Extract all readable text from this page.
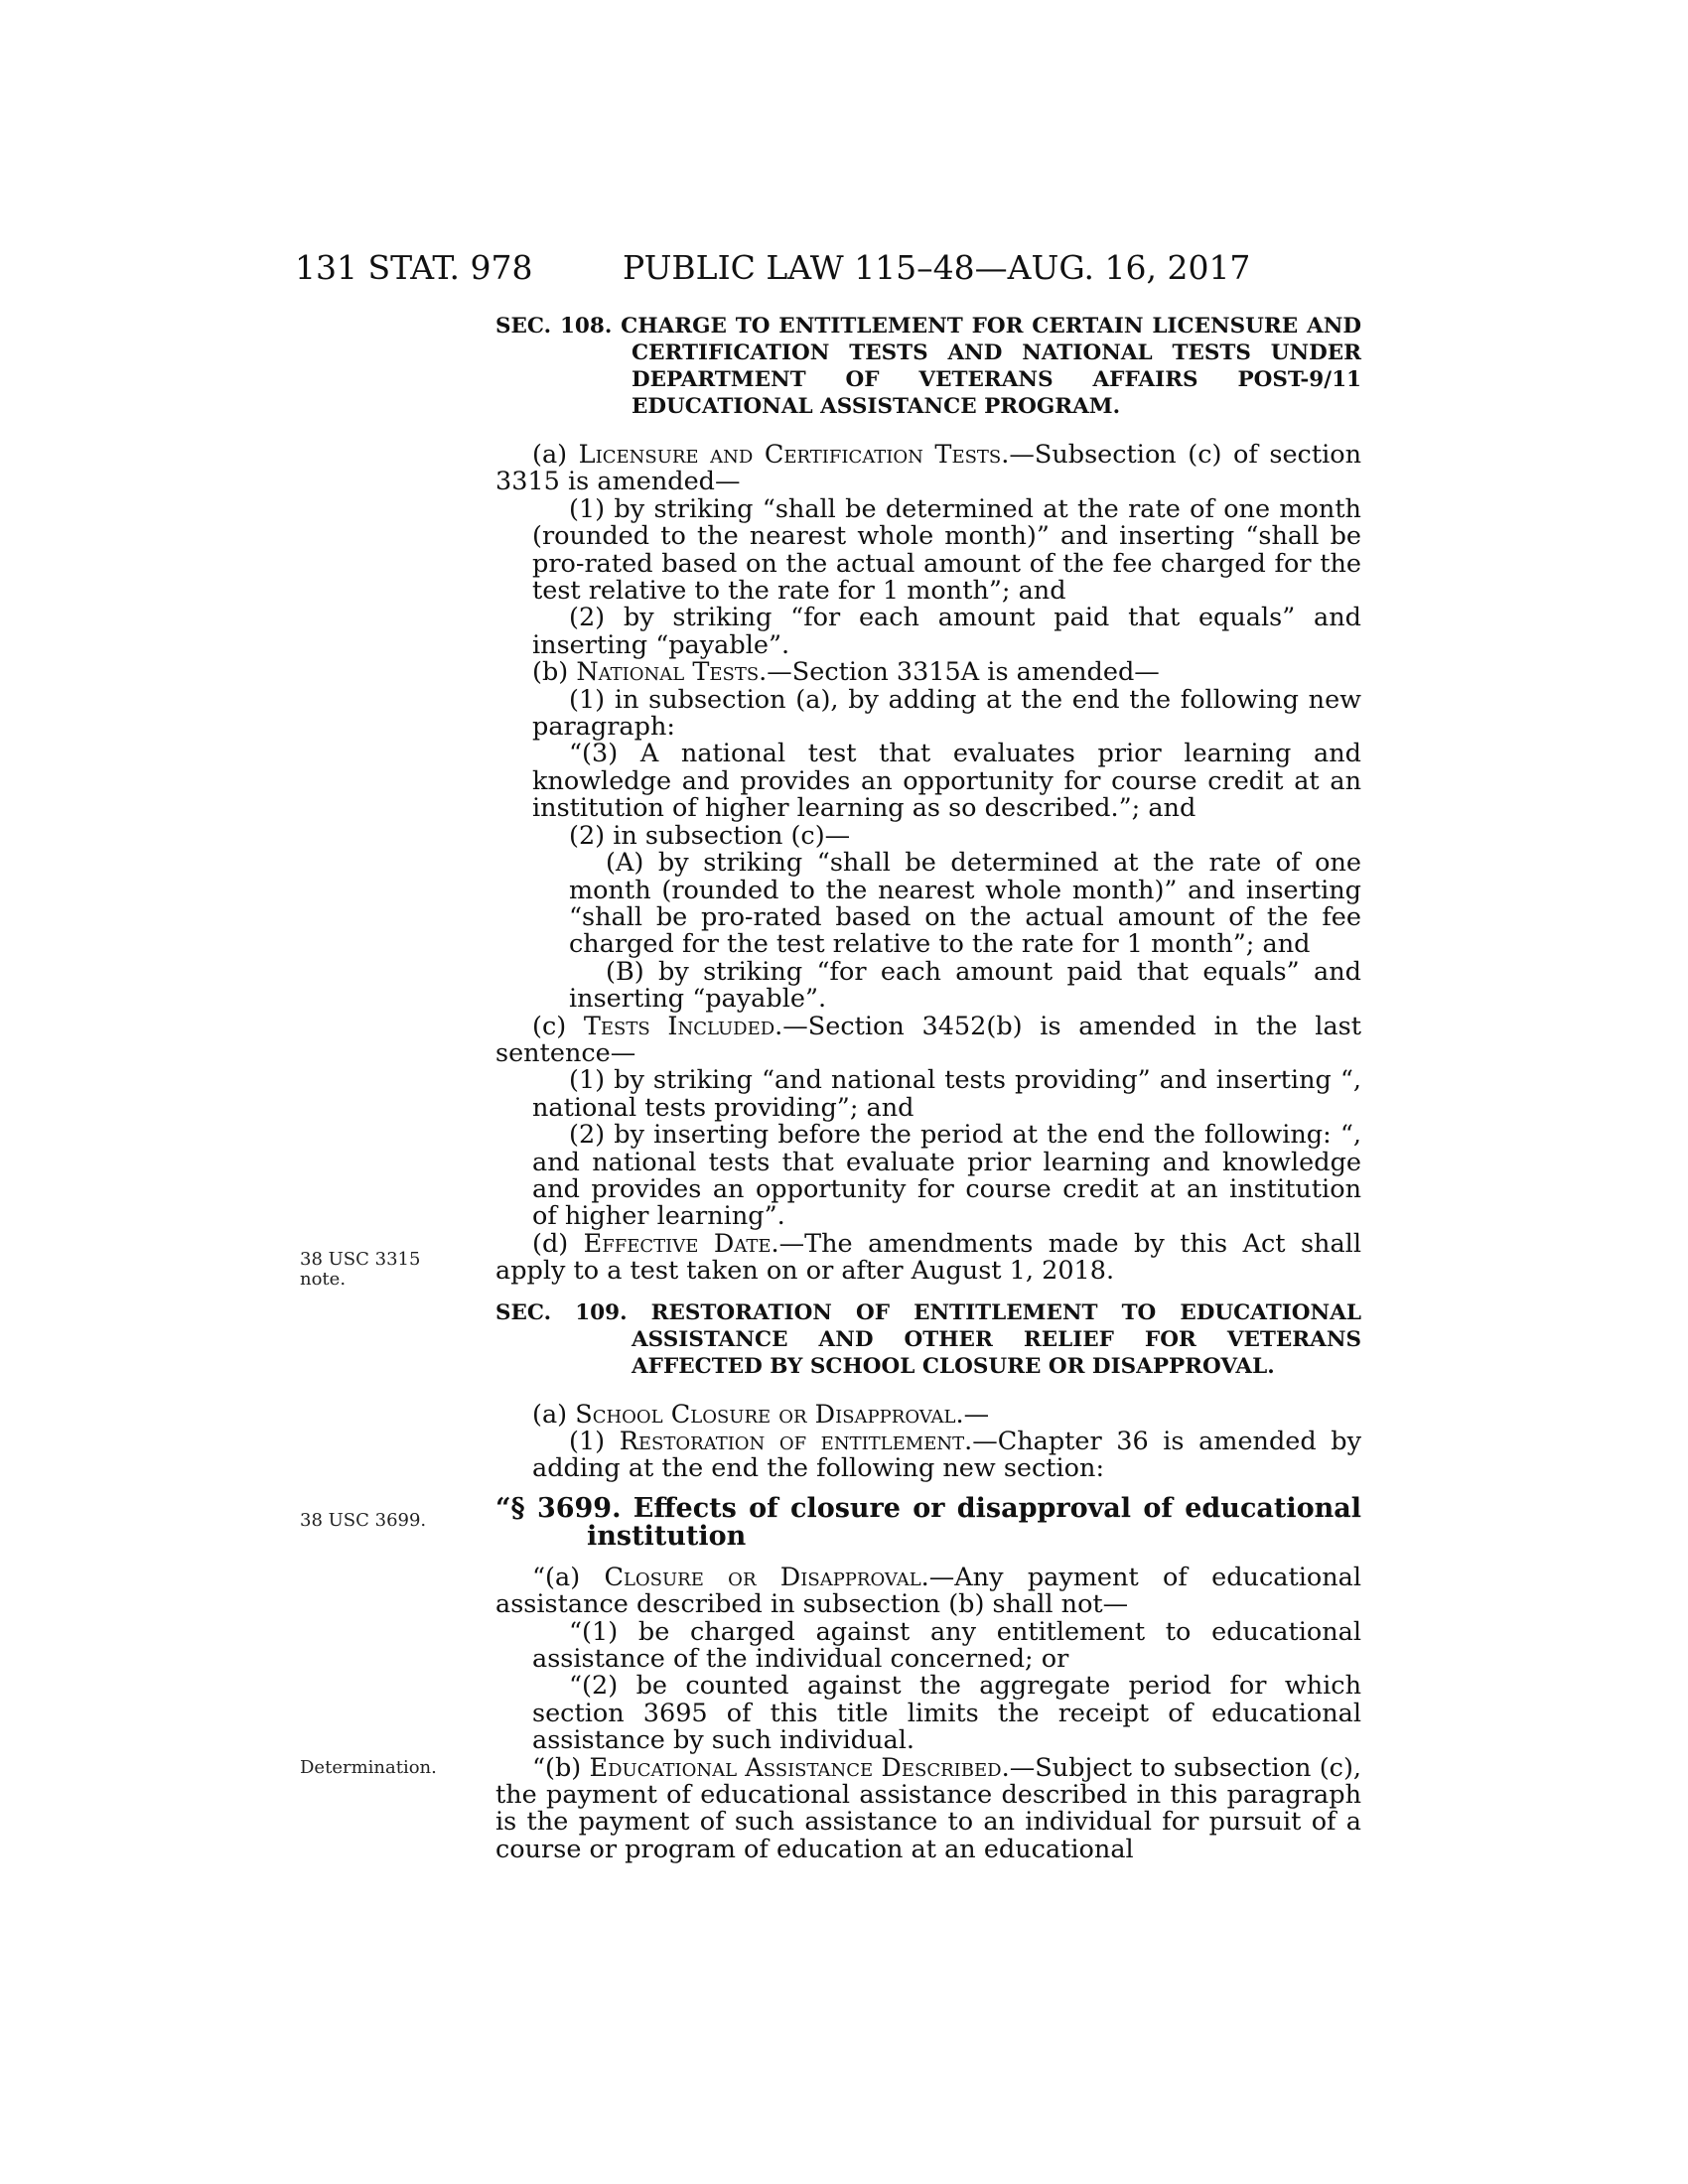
131 STAT. 978	PUBLIC LAW 115–48—AUG. 16, 2017
38 USC 3315
note.
38 USC 3699.
Determination.

SEC. 108. CHARGE TO ENTITLEMENT FOR CERTAIN LICENSURE AND CERTIFICATION TESTS AND NATIONAL TESTS UNDER DEPARTMENT OF VETERANS AFFAIRS POST-9/11 EDUCATIONAL ASSISTANCE PROGRAM.

(a) Licensure and Certification Tests.—Subsection (c) of section 3315 is amended—

(1) by striking “shall be determined at the rate of one month (rounded to the nearest whole month)” and inserting “shall be pro-rated based on the actual amount of the fee charged for the test relative to the rate for 1 month”; and

(2) by striking “for each amount paid that equals” and inserting “payable”.

(b) National Tests.—Section 3315A is amended—

(1) in subsection (a), by adding at the end the following new paragraph:

“(3) A national test that evaluates prior learning and knowledge and provides an opportunity for course credit at an institution of higher learning as so described.”; and

(2) in subsection (c)—

(A) by striking “shall be determined at the rate of one month (rounded to the nearest whole month)” and inserting “shall be pro-rated based on the actual amount of the fee charged for the test relative to the rate for 1 month”; and

(B) by striking “for each amount paid that equals” and inserting “payable”.

(c) Tests Included.—Section 3452(b) is amended in the last sentence—

(1) by striking “and national tests providing” and inserting “, national tests providing”; and

(2) by inserting before the period at the end the following: “, and national tests that evaluate prior learning and knowledge and provides an opportunity for course credit at an institution of higher learning”.

(d) Effective Date.—The amendments made by this Act shall apply to a test taken on or after August 1, 2018.

SEC. 109. RESTORATION OF ENTITLEMENT TO EDUCATIONAL ASSISTANCE AND OTHER RELIEF FOR VETERANS AFFECTED BY SCHOOL CLOSURE OR DISAPPROVAL.

(a) School Closure or Disapproval.—

(1) Restoration of entitlement.—Chapter 36 is amended by adding at the end the following new section:

“§ 3699. Effects of closure or disapproval of educational institution

“(a) Closure or Disapproval.—Any payment of educational assistance described in subsection (b) shall not—

“(1) be charged against any entitlement to educational assistance of the individual concerned; or

“(2) be counted against the aggregate period for which section 3695 of this title limits the receipt of educational assistance by such individual.

“(b) Educational Assistance Described.—Subject to subsection (c), the payment of educational assistance described in this paragraph is the payment of such assistance to an individual for pursuit of a course or program of education at an educational
